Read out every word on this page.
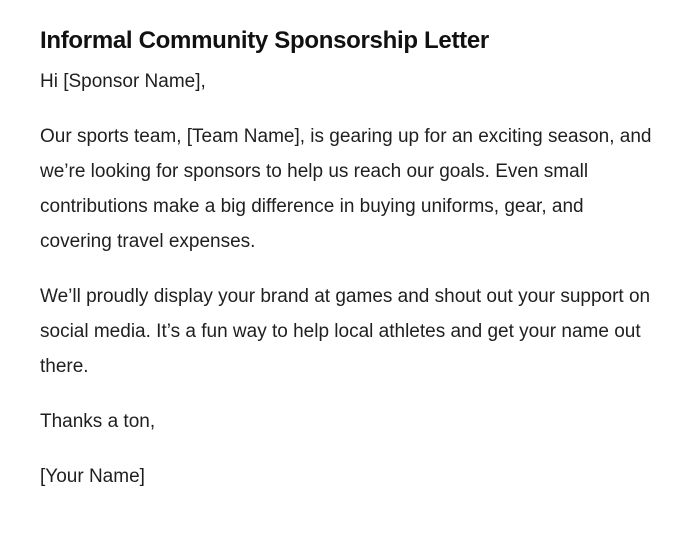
Informal Community Sponsorship Letter

Hi [Sponsor Name],

Our sports team, [Team Name], is gearing up for an exciting season, and we’re looking for sponsors to help us reach our goals. Even small contributions make a big difference in buying uniforms, gear, and covering travel expenses.

We’ll proudly display your brand at games and shout out your support on social media. It’s a fun way to help local athletes and get your name out there.

Thanks a ton,

[Your Name]
